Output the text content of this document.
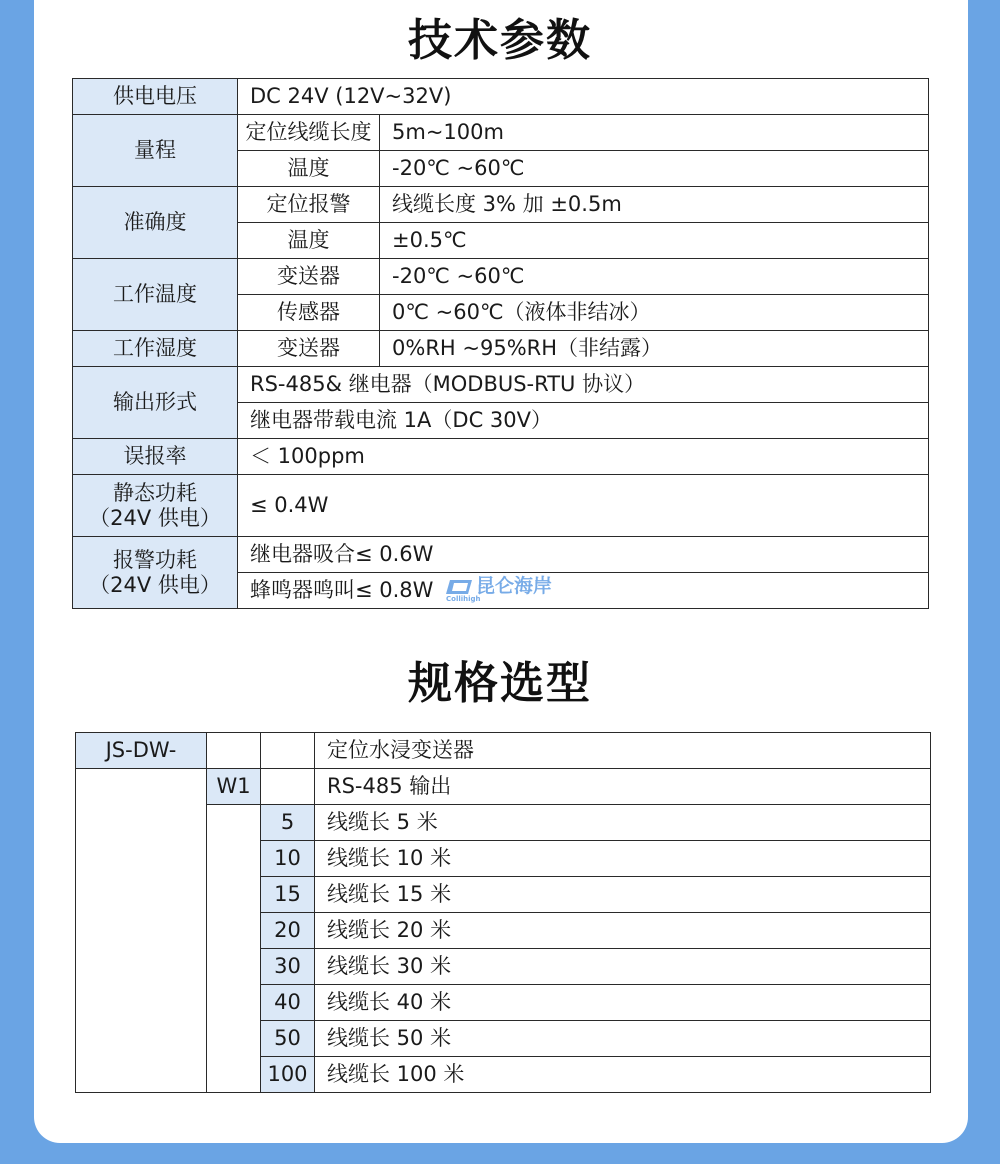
技术参数
供电电压	DC 24V (12V~32V)	
量程	定位线缆长度	5m~100m
	温度	-20℃ ~60℃
准确度	定位报警	线缆长度 3% 加 ±0.5m
	温度	±0.5℃
工作温度	变送器	-20℃ ~60℃
	传感器	0℃ ~60℃（液体非结冰）
工作湿度	变送器	0%RH ~95%RH（非结露）
输出形式	RS-485& 继电器（MODBUS-RTU 协议）	
	继电器带载电流 1A（DC 30V）	
误报率	＜ 100ppm	

静态功耗
（24V 供电）	≤ 0.4W	

报警功耗
（24V 供电）	继电器吸合≤ 0.6W	
	蜂鸣器鸣叫≤ 0.8W		昆仑海岸
Collihigh
规格选型
JS-DW-			定位水浸变送器
	W1		RS-485 输出
		5	线缆长 5 米
		10	线缆长 10 米
		15	线缆长 15 米
		20	线缆长 20 米
		30	线缆长 30 米
		40	线缆长 40 米
		50	线缆长 50 米
		100	线缆长 100 米
